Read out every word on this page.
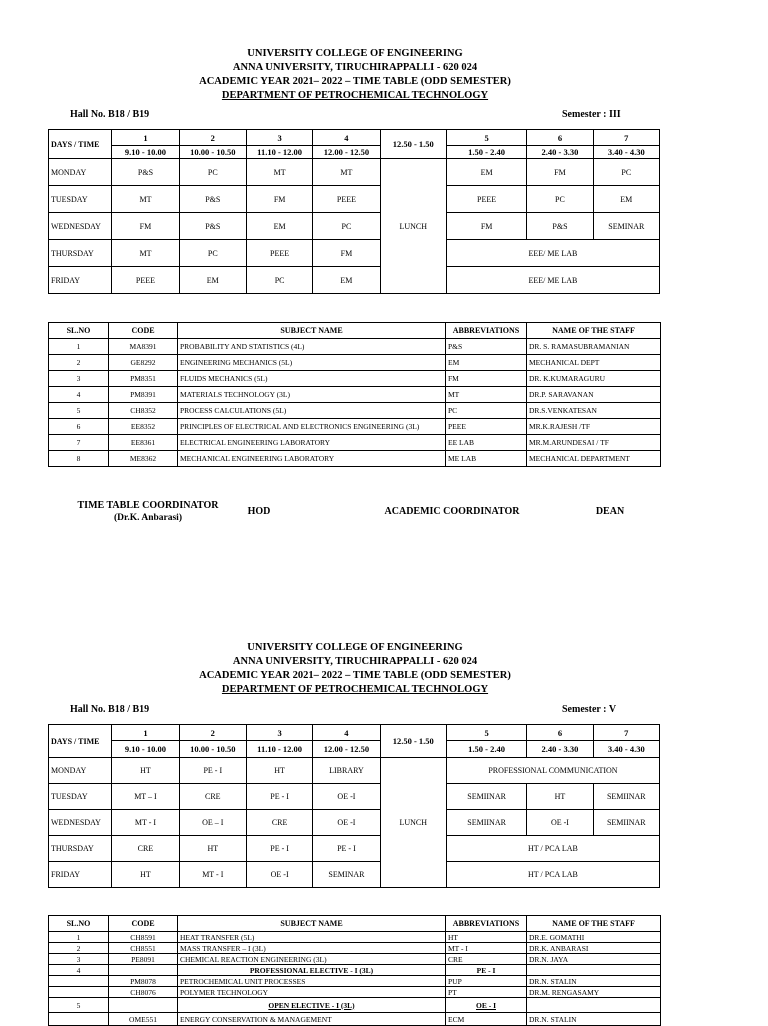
UNIVERSITY COLLEGE OF ENGINEERING
ANNA UNIVERSITY, TIRUCHIRAPPALLI - 620 024
ACADEMIC YEAR 2021– 2022 – TIME TABLE (ODD SEMESTER)
DEPARTMENT OF PETROCHEMICAL TECHNOLOGY
Hall No. B18 / B19	Semester : III
DAYS / TIME	1	2	3	4	12.50 - 1.50	5	6	7
	9.10 - 10.00	10.00 - 10.50	11.10 - 12.00	12.00 - 12.50		1.50 - 2.40	2.40 - 3.30	3.40 - 4.30
MONDAY	P&S	PC	MT	MT	LUNCH	EM	FM	PC
TUESDAY	MT	P&S	FM	PEEE		PEEE	PC	EM
WEDNESDAY	FM	P&S	EM	PC		FM	P&S	SEMINAR
THURSDAY	MT	PC	PEEE	FM		EEE/ ME LAB		
FRIDAY	PEEE	EM	PC	EM		EEE/ ME LAB		
SL.NO	CODE	SUBJECT NAME	ABBREVIATIONS	NAME OF THE STAFF
1	MA8391	PROBABILITY AND STATISTICS (4L)	P&S	DR. S. RAMASUBRAMANIAN
2	GE8292	ENGINEERING MECHANICS (5L)	EM	MECHANICAL DEPT
3	PM8351	FLUIDS MECHANICS (5L)	FM	DR. K.KUMARAGURU
4	PM8391	MATERIALS TECHNOLOGY (3L)	MT	DR.P. SARAVANAN
5	CH8352	PROCESS CALCULATIONS (5L)	PC	DR.S.VENKATESAN
6	EE8352	PRINCIPLES OF ELECTRICAL AND ELECTRONICS ENGINEERING (3L)	PEEE	MR.K.RAJESH /TF
7	EE8361	ELECTRICAL ENGINEERING LABORATORY	EE LAB	MR.M.ARUNDESAI / TF
8	ME8362	MECHANICAL ENGINEERING LABORATORY	ME LAB	MECHANICAL DEPARTMENT
TIME TABLE COORDINATOR
(Dr.K. Anbarasi)
HOD	ACADEMIC COORDINATOR	DEAN
UNIVERSITY COLLEGE OF ENGINEERING
ANNA UNIVERSITY, TIRUCHIRAPPALLI - 620 024
ACADEMIC YEAR 2021– 2022 – TIME TABLE (ODD SEMESTER)
DEPARTMENT OF PETROCHEMICAL TECHNOLOGY
Hall No. B18 / B19	Semester : V
DAYS / TIME	1	2	3	4	12.50 - 1.50	5	6	7
	9.10 - 10.00	10.00 - 10.50	11.10 - 12.00	12.00 - 12.50		1.50 - 2.40	2.40 - 3.30	3.40 - 4.30
MONDAY	HT	PE - I	HT	LIBRARY	LUNCH	PROFESSIONAL COMMUNICATION		
TUESDAY	MT – I	CRE	PE - I	OE -I		SEMIINAR	HT	SEMIINAR
WEDNESDAY	MT - I	OE – I	CRE	OE -I		SEMIINAR	OE -I	SEMIINAR
THURSDAY	CRE	HT	PE - I	PE - I		HT / PCA LAB		
FRIDAY	HT	MT - I	OE -I	SEMINAR		HT / PCA LAB		
SL.NO	CODE	SUBJECT NAME	ABBREVIATIONS	NAME OF THE STAFF
1	CH8591	HEAT TRANSFER (5L)	HT	DR.E. GOMATHI
2	CH8551	MASS TRANSFER – I (3L)	MT - I	DR.K. ANBARASI
3	PE8091	CHEMICAL REACTION ENGINEERING (3L)	CRE	DR.N. JAYA
4		PROFESSIONAL ELECTIVE - I (3L)	PE - I	
	PM8078	PETROCHEMICAL UNIT PROCESSES	PUP	DR.N. STALIN
	CH8076	POLYMER TECHNOLOGY	PT	DR.M. RENGASAMY
5		OPEN ELECTIVE - I (3L)	OE - I	
	OME551	ENERGY CONSERVATION & MANAGEMENT	ECM	DR.N. STALIN
